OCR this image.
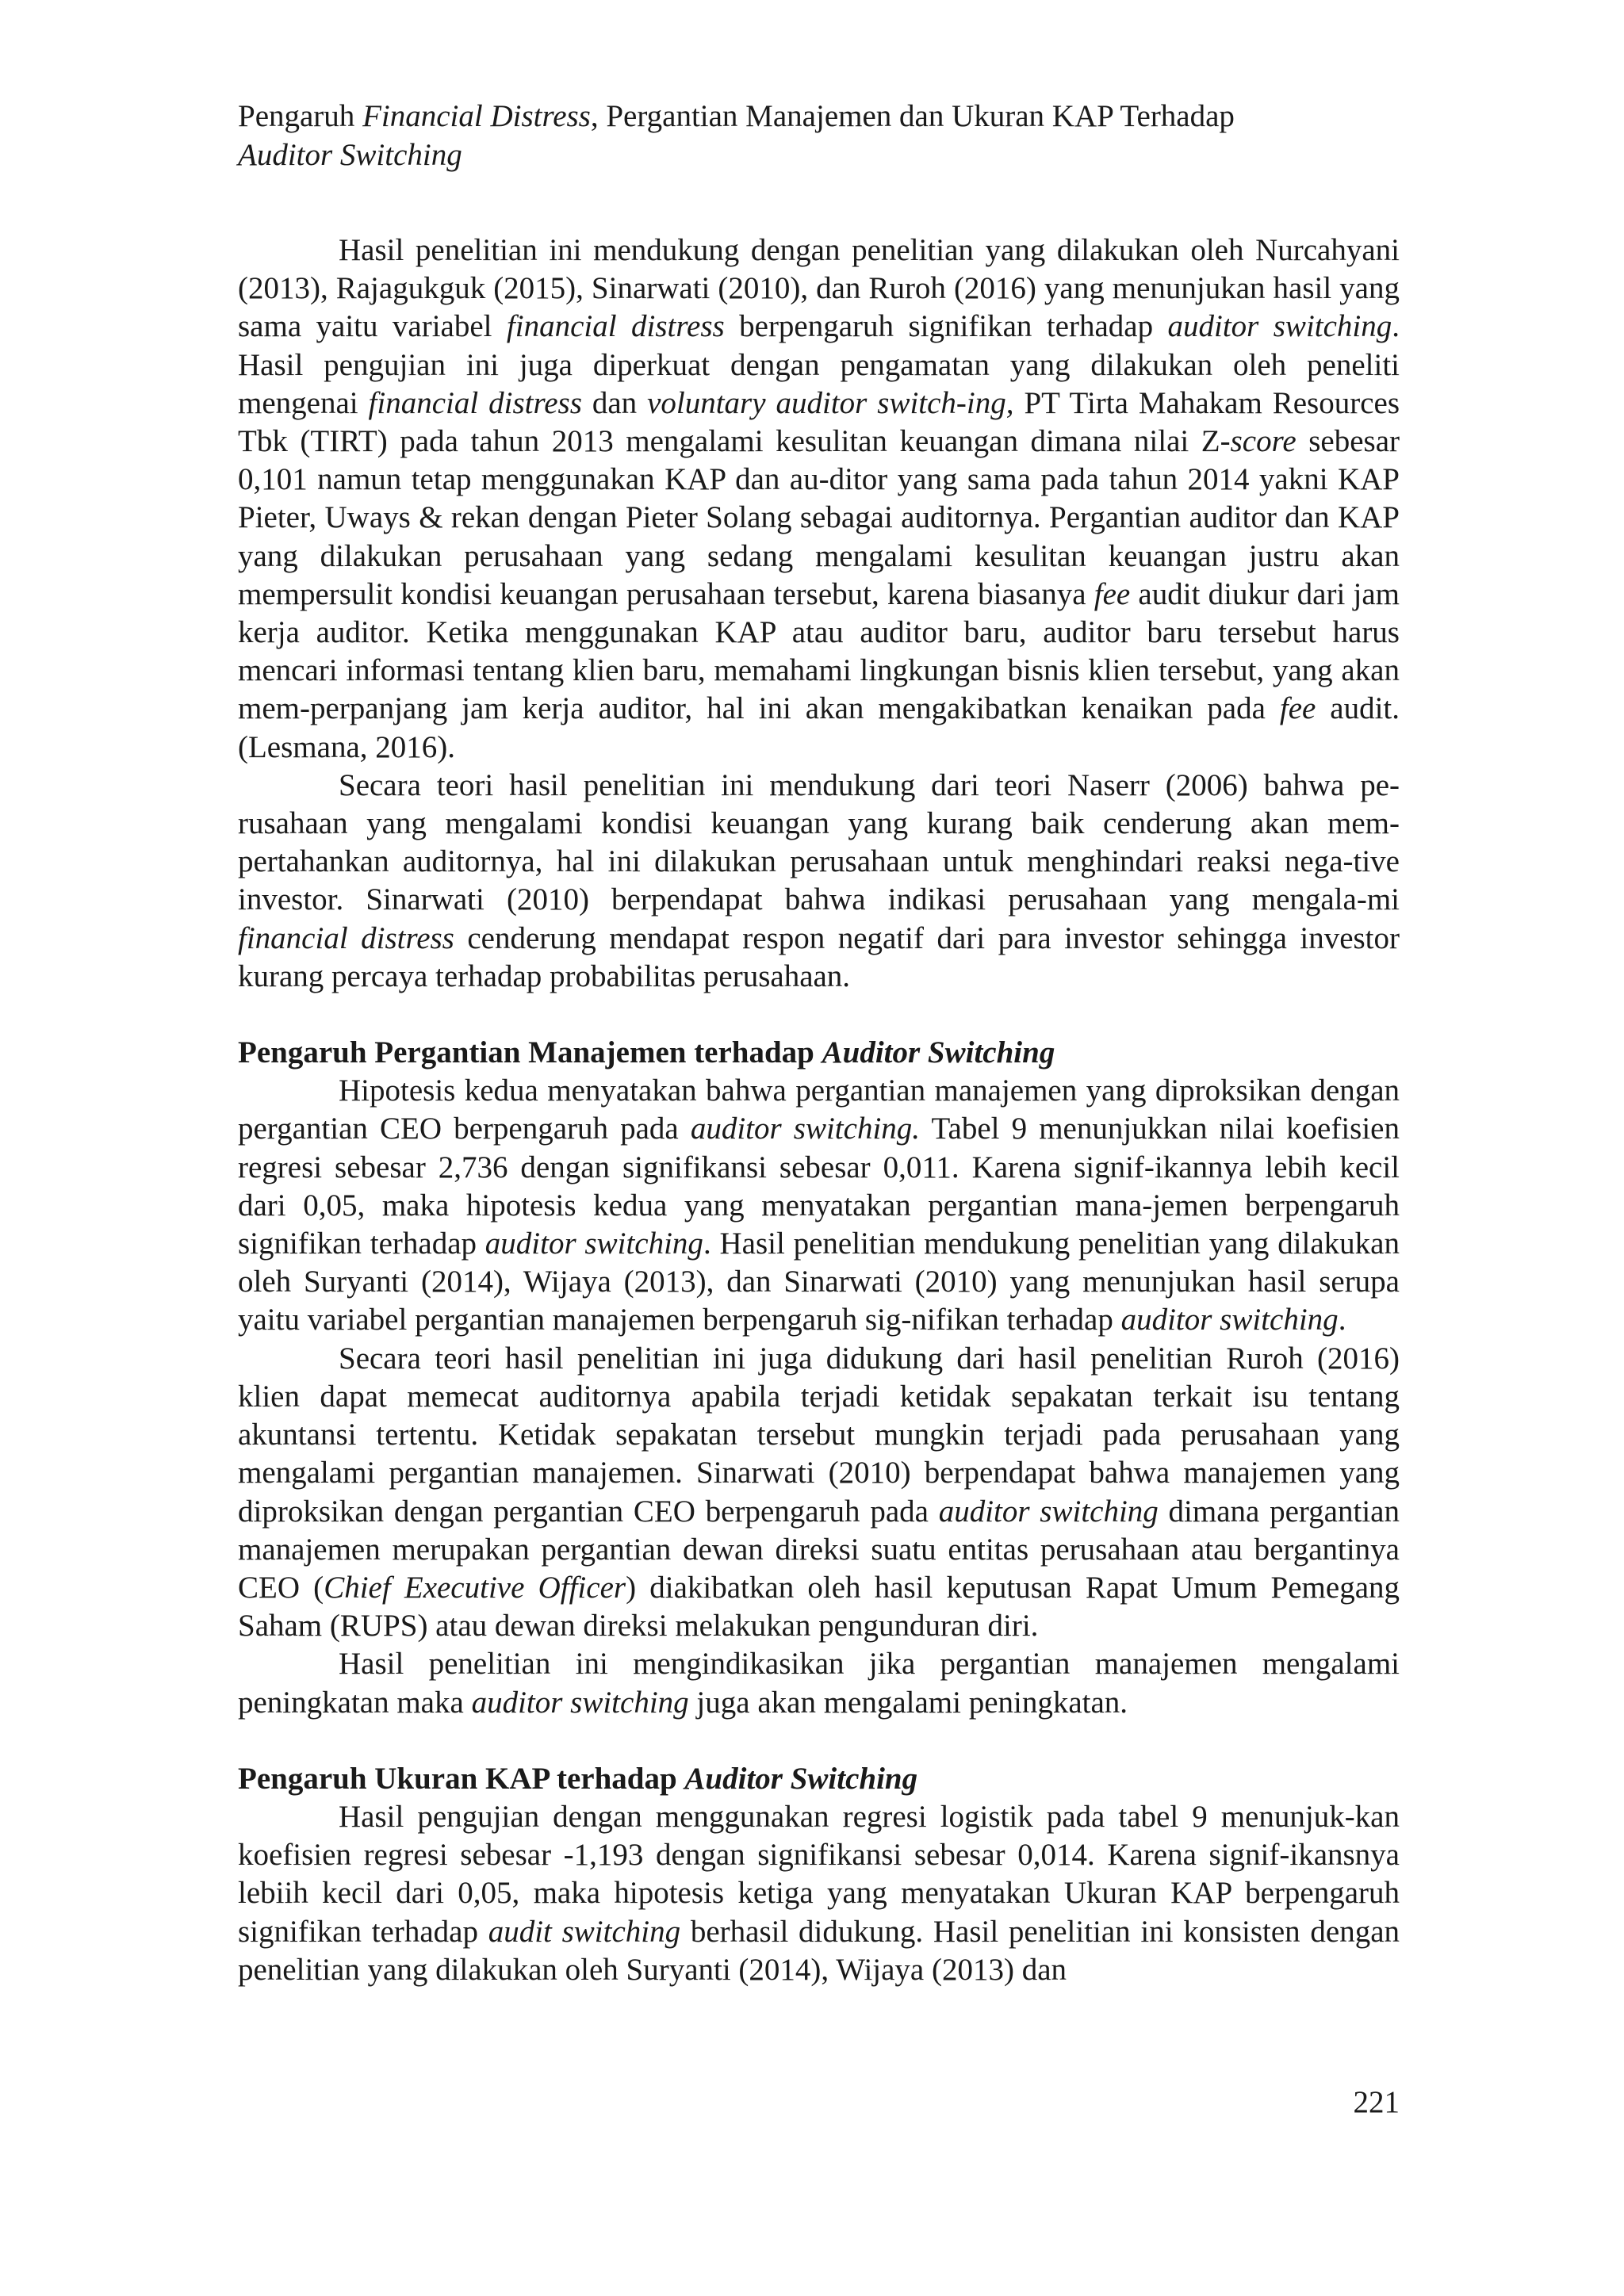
Pengaruh Financial Distress, Pergantian Manajemen dan Ukuran KAP Terhadap
Auditor Switching

Hasil penelitian ini mendukung dengan penelitian yang dilakukan oleh Nurcahyani (2013), Rajagukguk (2015), Sinarwati (2010), dan Ruroh (2016) yang menunjukan hasil yang sama yaitu variabel financial distress berpengaruh signifikan terhadap auditor switching. Hasil pengujian ini juga diperkuat dengan pengamatan yang dilakukan oleh peneliti mengenai financial distress dan voluntary auditor switch-ing, PT Tirta Mahakam Resources Tbk (TIRT) pada tahun 2013 mengalami kesulitan keuangan dimana nilai Z-score sebesar 0,101 namun tetap menggunakan KAP dan au-ditor yang sama pada tahun 2014 yakni KAP Pieter, Uways & rekan dengan Pieter Solang sebagai auditornya. Pergantian auditor dan KAP yang dilakukan perusahaan yang sedang mengalami kesulitan keuangan justru akan mempersulit kondisi keuangan perusahaan tersebut, karena biasanya fee audit diukur dari jam kerja auditor. Ketika menggunakan KAP atau auditor baru, auditor baru tersebut harus mencari informasi tentang klien baru, memahami lingkungan bisnis klien tersebut, yang akan mem-perpanjang jam kerja auditor, hal ini akan mengakibatkan kenaikan pada fee audit.(Lesmana, 2016).

Secara teori hasil penelitian ini mendukung dari teori Naserr (2006) bahwa pe-rusahaan yang mengalami kondisi keuangan yang kurang baik cenderung akan mem-pertahankan auditornya, hal ini dilakukan perusahaan untuk menghindari reaksi nega-tive investor. Sinarwati (2010) berpendapat bahwa indikasi perusahaan yang mengala-mi financial distress cenderung mendapat respon negatif dari para investor sehingga investor kurang percaya terhadap probabilitas perusahaan.

Pengaruh Pergantian Manajemen terhadap Auditor Switching

Hipotesis kedua menyatakan bahwa pergantian manajemen yang diproksikan dengan pergantian CEO berpengaruh pada auditor switching. Tabel 9 menunjukkan nilai koefisien regresi sebesar 2,736 dengan signifikansi sebesar 0,011. Karena signif-ikannya lebih kecil dari 0,05, maka hipotesis kedua yang menyatakan pergantian mana-jemen berpengaruh signifikan terhadap auditor switching. Hasil penelitian mendukung penelitian yang dilakukan oleh Suryanti (2014), Wijaya (2013), dan Sinarwati (2010) yang menunjukan hasil serupa yaitu variabel pergantian manajemen berpengaruh sig-nifikan terhadap auditor switching.

Secara teori hasil penelitian ini juga didukung dari hasil penelitian Ruroh (2016) klien dapat memecat auditornya apabila terjadi ketidak sepakatan terkait isu tentang akuntansi tertentu. Ketidak sepakatan tersebut mungkin terjadi pada perusahaan yang mengalami pergantian manajemen. Sinarwati (2010) berpendapat bahwa manajemen yang diproksikan dengan pergantian CEO berpengaruh pada auditor switching dimana pergantian manajemen merupakan pergantian dewan direksi suatu entitas perusahaan atau bergantinya CEO (Chief Executive Officer) diakibatkan oleh hasil keputusan Rapat Umum Pemegang Saham (RUPS) atau dewan direksi melakukan pengunduran diri.

Hasil penelitian ini mengindikasikan jika pergantian manajemen mengalami peningkatan maka auditor switching juga akan mengalami peningkatan.

Pengaruh Ukuran KAP terhadap Auditor Switching

Hasil pengujian dengan menggunakan regresi logistik pada tabel 9 menunjuk-kan koefisien regresi sebesar -1,193 dengan signifikansi sebesar 0,014. Karena signif-ikansnya lebiih kecil dari 0,05, maka hipotesis ketiga yang menyatakan Ukuran KAP berpengaruh signifikan terhadap audit switching berhasil didukung. Hasil penelitian ini konsisten dengan penelitian yang dilakukan oleh Suryanti (2014), Wijaya (2013) dan

221
